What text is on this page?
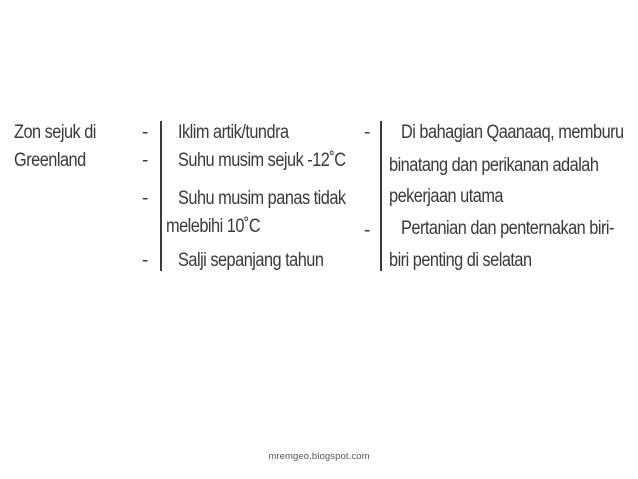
Zon sejuk di
Greenland
-
-
-
-
Iklim artik/tundra
Suhu musim sejuk -12˚C
Suhu musim panas tidak
melebihi 10˚C
Salji sepanjang tahun
-
-
Di bahagian Qaanaaq, memburu
binatang dan perikanan adalah
pekerjaan utama
Pertanian dan penternakan biri-
biri penting di selatan
mremgeo.blogspot.com
